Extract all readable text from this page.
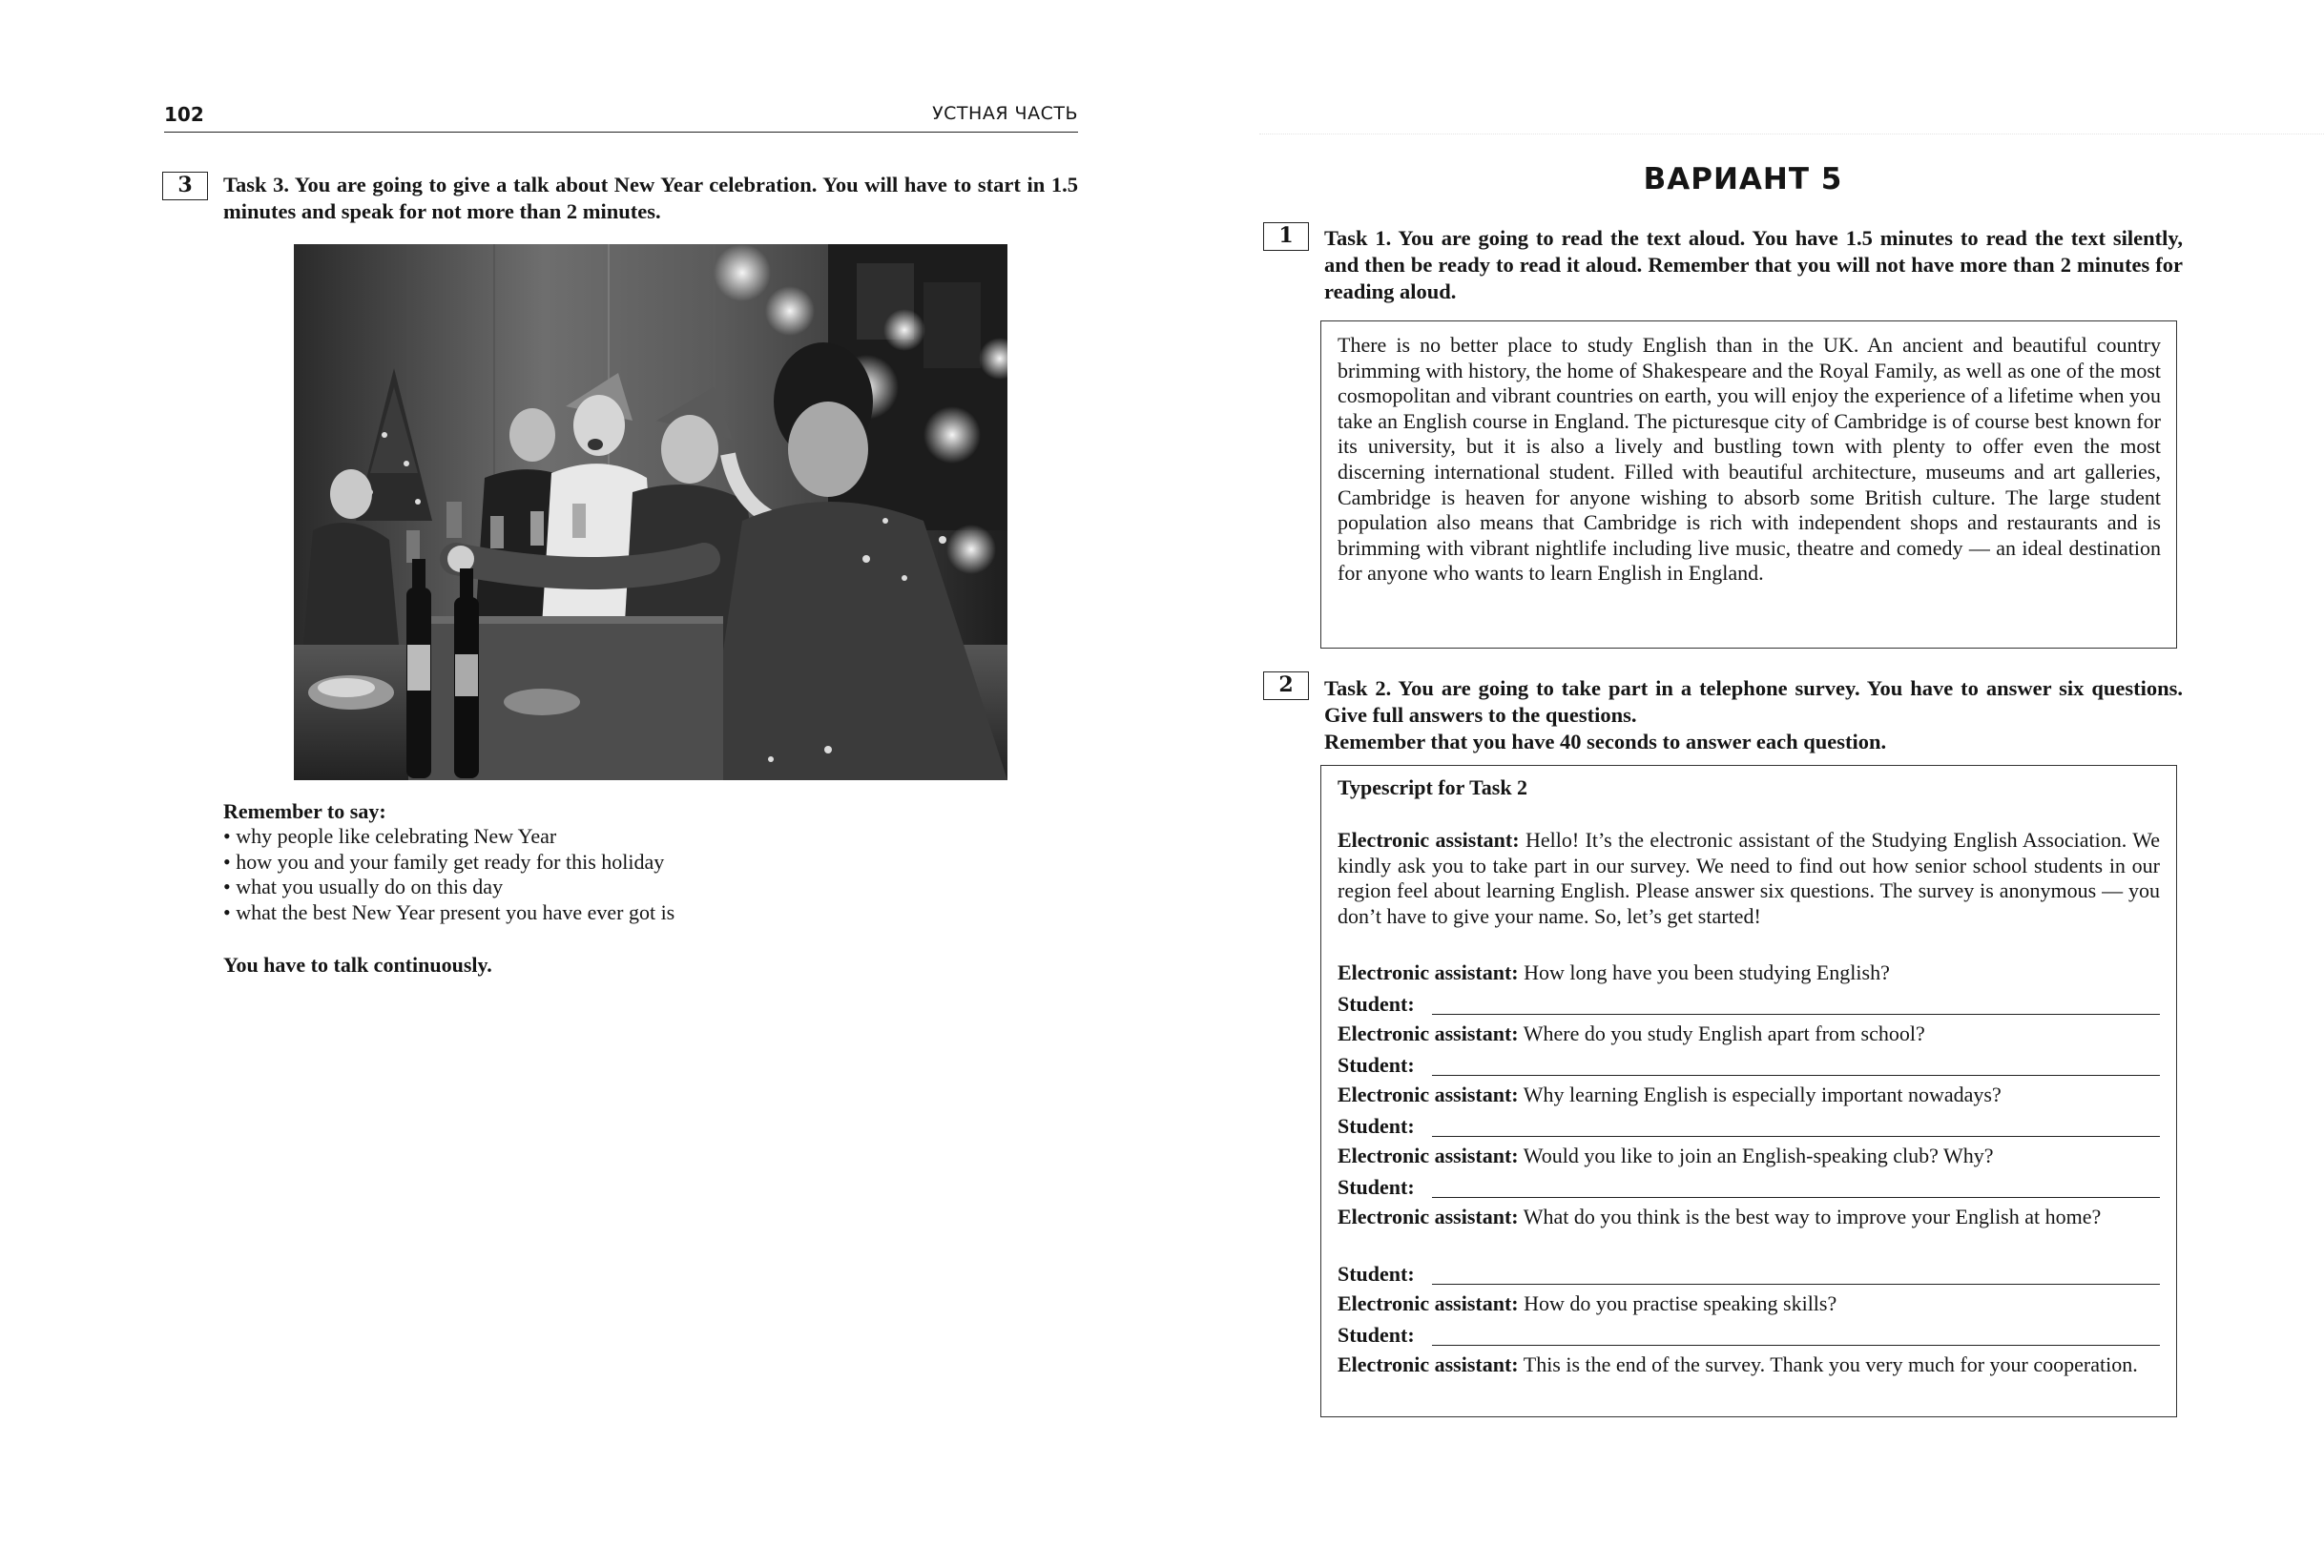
102	УСТНАЯ ЧАСТЬ
3	Task 3. You are going to give a talk about New Year celebration. You will have to start in 1.5 minutes and speak for not more than 2 minutes.

Remember to say:
• why people like celebrating New Year
• how you and your family get ready for this holiday
• what you usually do on this day
• what the best New Year present you have ever got is
You have to talk continuously.
ВАРИАНТ 5
1	Task 1. You are going to read the text aloud. You have 1.5 minutes to read the text silently, and then be ready to read it aloud. Remember that you will not have more than 2 minutes for reading aloud.

There is no better place to study English than in the UK. An ancient and beautiful country brimming with history, the home of Shakespeare and the Royal Family, as well as one of the most cosmopolitan and vibrant countries on earth, you will enjoy the experience of a lifetime when you take an English course in England. The picturesque city of Cambridge is of course best known for its university, but it is also a lively and bustling town with plenty to offer even the most discerning international student. Filled with beautiful architecture, museums and art galleries, Cambridge is heaven for anyone wishing to absorb some British culture. The large student population also means that Cambridge is rich with independent shops and restaurants and is brimming with vibrant nightlife including live music, theatre and comedy — an ideal destination for anyone who wants to learn English in England.

2	Task 2. You are going to take part in a telephone survey. You have to answer six questions. Give full answers to the questions.

Remember that you have 40 seconds to answer each question.

Typescript for Task 2
Electronic assistant: Hello! It’s the electronic assistant of the Studying English Association. We kindly ask you to take part in our survey. We need to find out how senior school students in our region feel about learning English. Please answer six questions. The survey is anonymous — you don’t have to give your name. So, let’s get started!
Electronic assistant: How long have you been studying English?
Student:
Electronic assistant: Where do you study English apart from school?
Student:
Electronic assistant: Why learning English is especially important nowadays?
Student:
Electronic assistant: Would you like to join an English-speaking club? Why?
Student:
Electronic assistant: What do you think is the best way to improve your English at home?
Student:
Electronic assistant: How do you practise speaking skills?
Student:
Electronic assistant: This is the end of the survey. Thank you very much for your cooperation.
